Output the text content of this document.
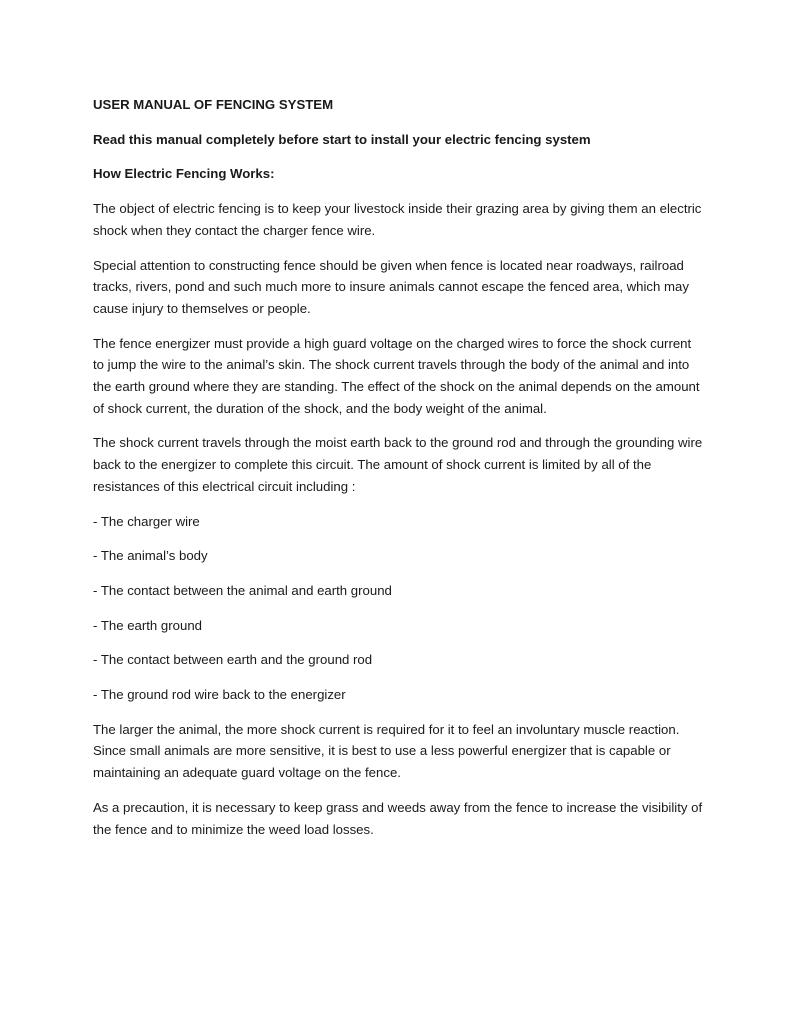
USER MANUAL OF FENCING SYSTEM

Read this manual completely before start to install your electric fencing system

How Electric Fencing Works:

The object of electric fencing is to keep your livestock inside their grazing area by giving them an electric shock when they contact the charger fence wire.

Special attention to constructing fence should be given when fence is located near roadways, railroad tracks, rivers, pond and such much more to insure animals cannot escape the fenced area, which may cause injury to themselves or people.

The fence energizer must provide a high guard voltage on the charged wires to force the shock current to jump the wire to the animal’s skin. The shock current travels through the body of the animal and into the earth ground where they are standing. The effect of the shock on the animal depends on the amount of shock current, the duration of the shock, and the body weight of the animal.

The shock current travels through the moist earth back to the ground rod and through the grounding wire back to the energizer to complete this circuit. The amount of shock current is limited by all of the resistances of this electrical circuit including :

- The charger wire

- The animal’s body

- The contact between the animal and earth ground

- The earth ground

- The contact between earth and the ground rod

- The ground rod wire back to the energizer

The larger the animal, the more shock current is required for it to feel an involuntary muscle reaction. Since small animals are more sensitive, it is best to use a less powerful energizer that is capable or maintaining an adequate guard voltage on the fence.

As a precaution, it is necessary to keep grass and weeds away from the fence to increase the visibility of the fence and to minimize the weed load losses.
